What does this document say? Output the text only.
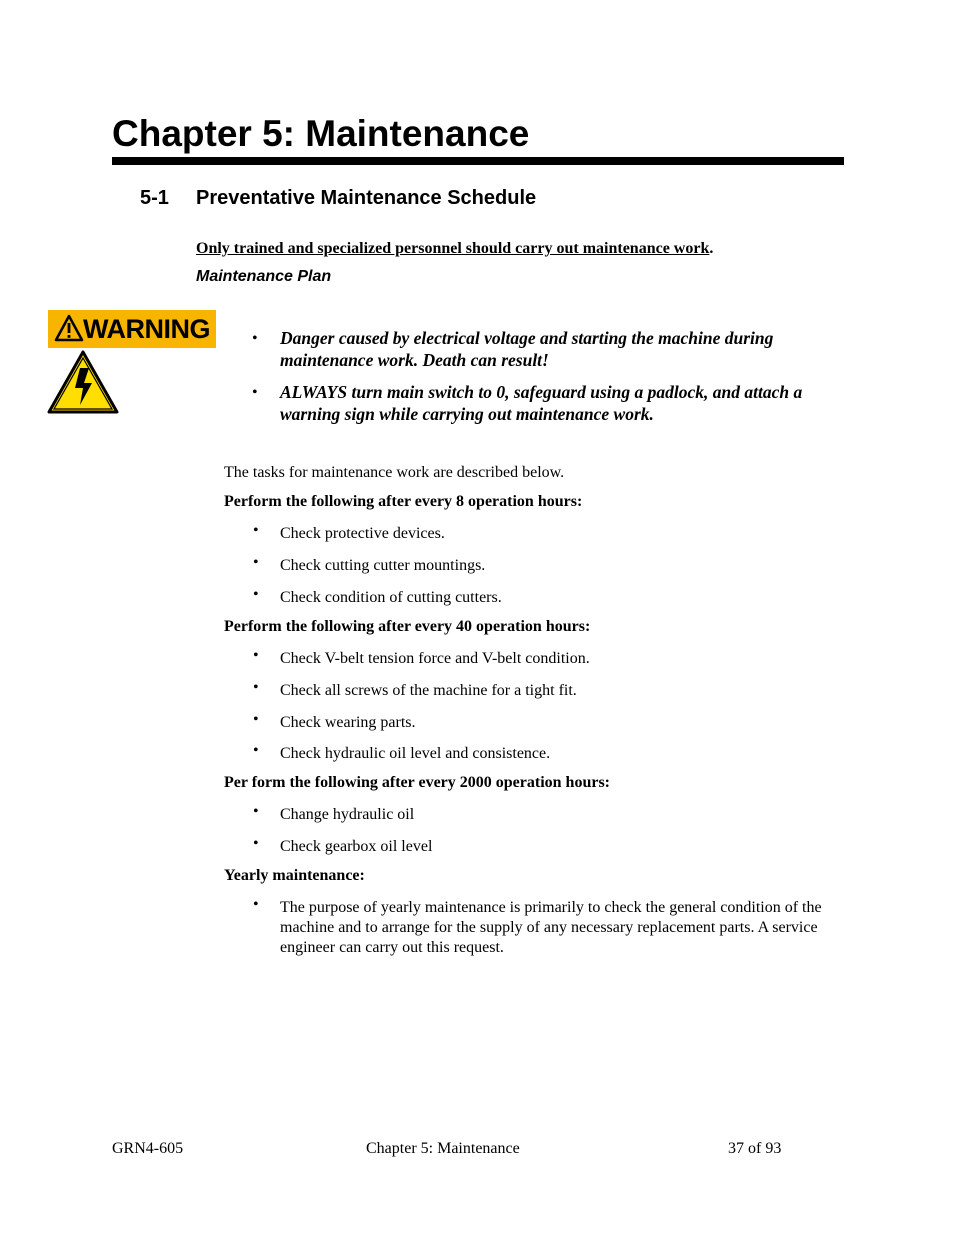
Chapter 5: Maintenance
5-1 Preventative Maintenance Schedule
Only trained and specialized personnel should carry out maintenance work.
Maintenance Plan
WARNING	• Danger caused by electrical voltage and starting the machine during maintenance work. Death can result!
• ALWAYS turn main switch to 0, safeguard using a padlock, and attach a warning sign while carrying out maintenance work.
The tasks for maintenance work are described below.
Perform the following after every 8 operation hours:
• Check protective devices.
• Check cutting cutter mountings.
• Check condition of cutting cutters.
Perform the following after every 40 operation hours:
• Check V-belt tension force and V-belt condition.
• Check all screws of the machine for a tight fit.
• Check wearing parts.
• Check hydraulic oil level and consistence.
Per form the following after every 2000 operation hours:
• Change hydraulic oil
• Check gearbox oil level
Yearly maintenance:
• The purpose of yearly maintenance is primarily to check the general condition of the machine and to arrange for the supply of any necessary replacement parts. A service engineer can carry out this request.
GRN4-605	Chapter 5: Maintenance	37 of 93
